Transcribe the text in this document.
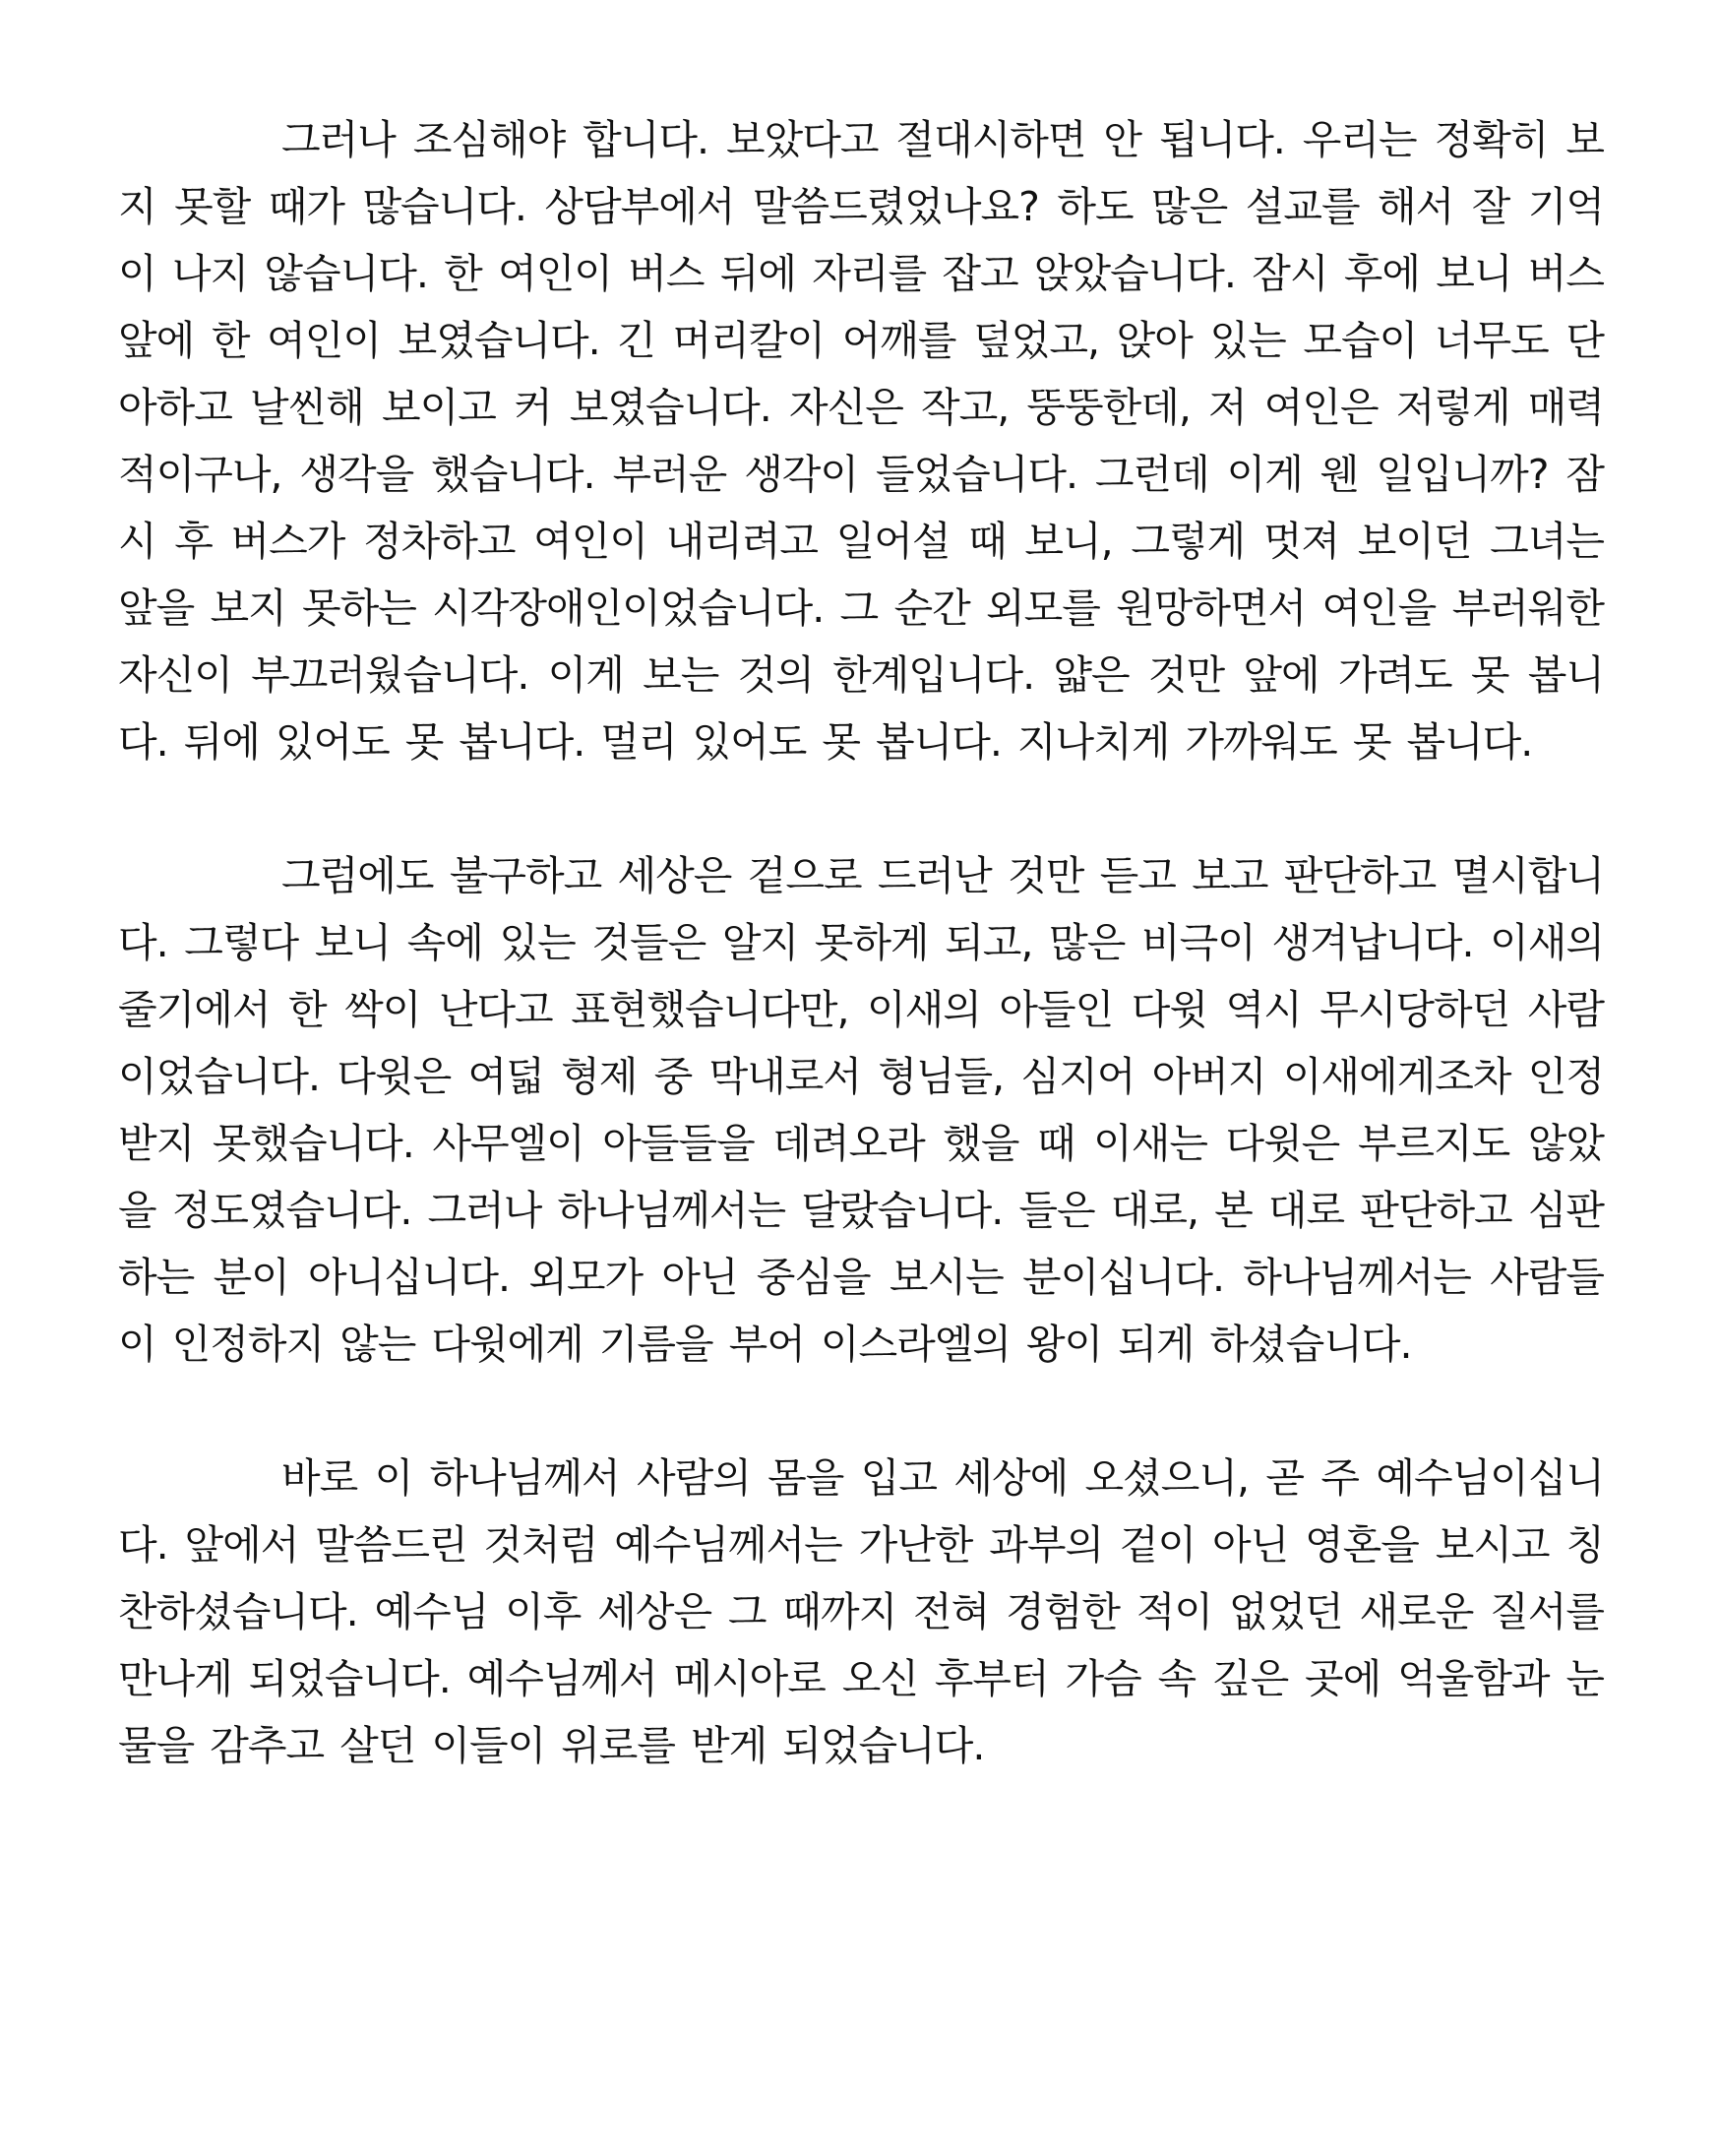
그러나 조심해야 합니다. 보았다고 절대시하면 안 됩니다. 우리는 정확히 보지 못할 때가 많습니다. 상담부에서 말씀드렸었나요? 하도 많은 설교를 해서 잘 기억이 나지 않습니다. 한 여인이 버스 뒤에 자리를 잡고 앉았습니다. 잠시 후에 보니 버스 앞에 한 여인이 보였습니다. 긴 머리칼이 어깨를 덮었고, 앉아 있는 모습이 너무도 단아하고 날씬해 보이고 커 보였습니다. 자신은 작고, 뚱뚱한데, 저 여인은 저렇게 매력적이구나, 생각을 했습니다. 부러운 생각이 들었습니다. 그런데 이게 웬 일입니까? 잠시 후 버스가 정차하고 여인이 내리려고 일어설 때 보니, 그렇게 멋져 보이던 그녀는 앞을 보지 못하는 시각장애인이었습니다. 그 순간 외모를 원망하면서 여인을 부러워한 자신이 부끄러웠습니다. 이게 보는 것의 한계입니다. 얇은 것만 앞에 가려도 못 봅니다. 뒤에 있어도 못 봅니다. 멀리 있어도 못 봅니다. 지나치게 가까워도 못 봅니다.

그럼에도 불구하고 세상은 겉으로 드러난 것만 듣고 보고 판단하고 멸시합니다. 그렇다 보니 속에 있는 것들은 알지 못하게 되고, 많은 비극이 생겨납니다. 이새의 줄기에서 한 싹이 난다고 표현했습니다만, 이새의 아들인 다윗 역시 무시당하던 사람이었습니다. 다윗은 여덟 형제 중 막내로서 형님들, 심지어 아버지 이새에게조차 인정받지 못했습니다. 사무엘이 아들들을 데려오라 했을 때 이새는 다윗은 부르지도 않았을 정도였습니다. 그러나 하나님께서는 달랐습니다. 들은 대로, 본 대로 판단하고 심판하는 분이 아니십니다. 외모가 아닌 중심을 보시는 분이십니다. 하나님께서는 사람들이 인정하지 않는 다윗에게 기름을 부어 이스라엘의 왕이 되게 하셨습니다.

바로 이 하나님께서 사람의 몸을 입고 세상에 오셨으니, 곧 주 예수님이십니다. 앞에서 말씀드린 것처럼 예수님께서는 가난한 과부의 겉이 아닌 영혼을 보시고 칭찬하셨습니다. 예수님 이후 세상은 그 때까지 전혀 경험한 적이 없었던 새로운 질서를 만나게 되었습니다. 예수님께서 메시아로 오신 후부터 가슴 속 깊은 곳에 억울함과 눈물을 감추고 살던 이들이 위로를 받게 되었습니다.
